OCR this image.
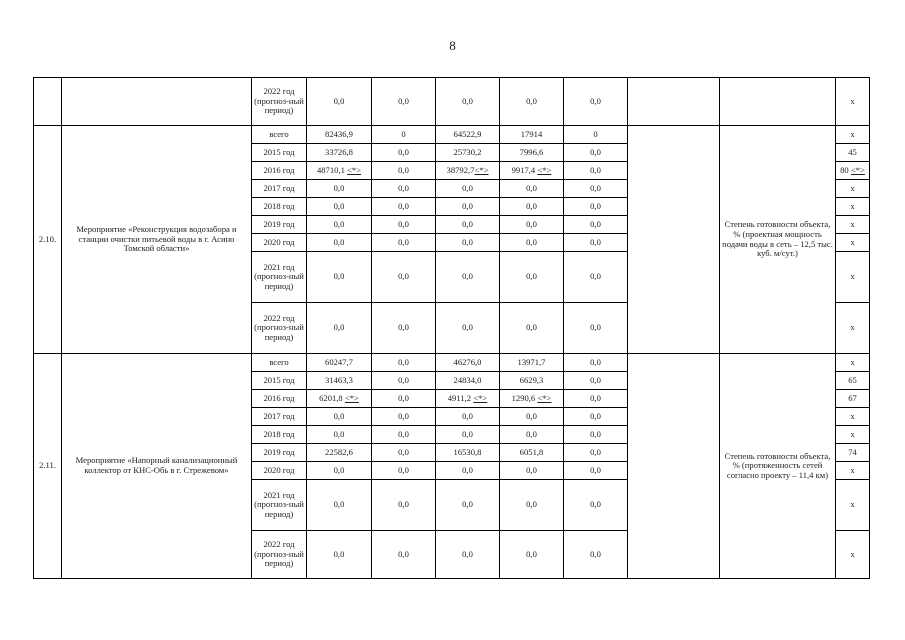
8
		2022 год (прогноз-ный период)	0,0	0,0	0,0	0,0	0,0			x
2.10.	Мероприятие «Реконструкция водозабора и станции очистки питьевой воды в г. Асино Томской области»	всего	82436,9	0	64522,9	17914	0		Степень готовности объекта, % (проектная мощность подачи воды в сеть – 12,5 тыс. куб. м/сут.)	x
		2015 год	33726,8	0,0	25730,2	7996,6	0,0			45
		2016 год	48710,1 <*>	0,0	38792,7<*>	9917,4 <*>	0,0			80 <*>
		2017 год	0,0	0,0	0,0	0,0	0,0			x
		2018 год	0,0	0,0	0,0	0,0	0,0			x
		2019 год	0,0	0,0	0,0	0,0	0,0			x
		2020 год	0,0	0,0	0,0	0,0	0,0			x
		2021 год (прогноз-ный период)	0,0	0,0	0,0	0,0	0,0			x
		2022 год (прогноз-ный период)	0,0	0,0	0,0	0,0	0,0			x
2.11.	Мероприятие «Напорный канализационный коллектор от КНС-Обь в г. Стрежевом»	всего	60247,7	0,0	46276,0	13971,7	0,0		Степень готовности объекта, % (протяженность сетей согласно проекту – 11,4 км)	x
		2015 год	31463,3	0,0	24834,0	6629,3	0,0			65
		2016 год	6201,8 <*>	0,0	4911,2 <*>	1290,6 <*>	0,0			67
		2017 год	0,0	0,0	0,0	0,0	0,0			x
		2018 год	0,0	0,0	0,0	0,0	0,0			x
		2019 год	22582,6	0,0	16530,8	6051,8	0,0			74
		2020 год	0,0	0,0	0,0	0,0	0,0			x
		2021 год (прогноз-ный период)	0,0	0,0	0,0	0,0	0,0			x
		2022 год (прогноз-ный период)	0,0	0,0	0,0	0,0	0,0			x
